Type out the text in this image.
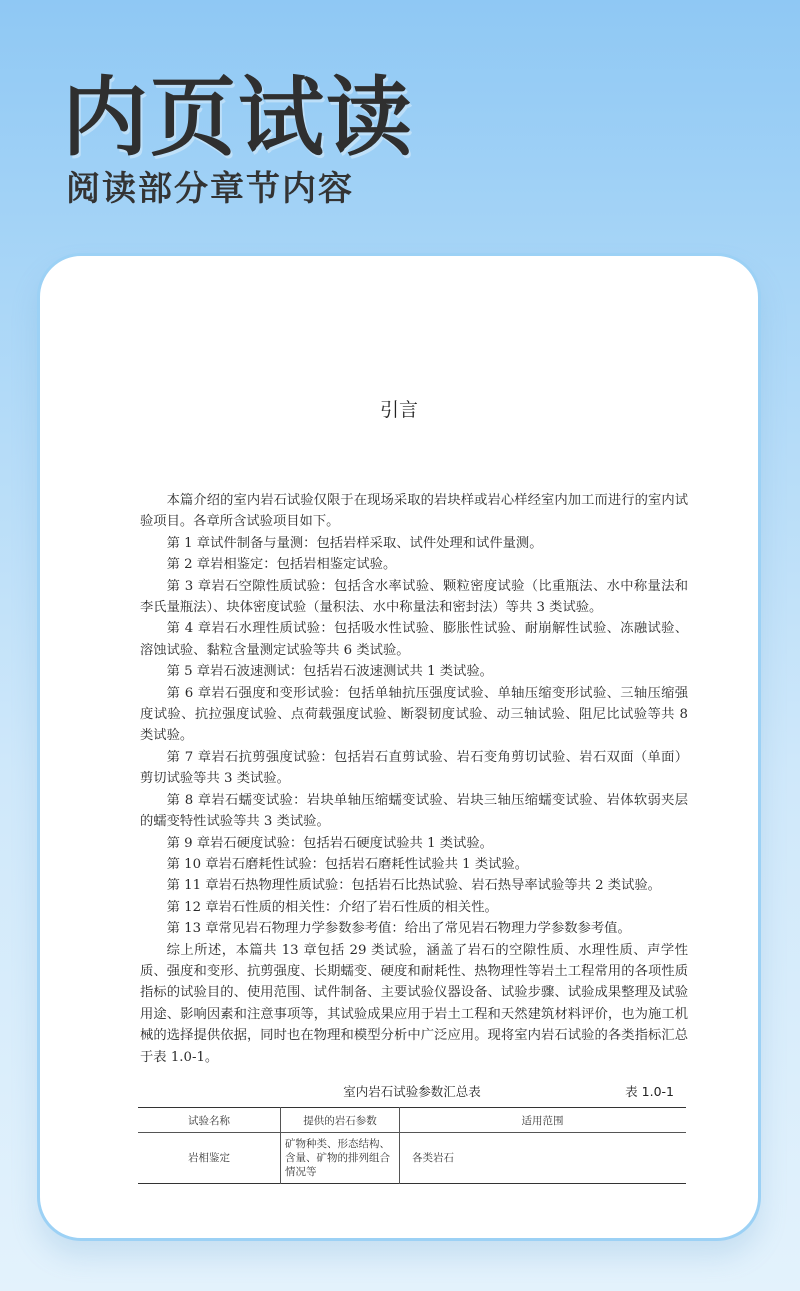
内页试读
阅读部分章节内容
引言

本篇介绍的室内岩石试验仅限于在现场采取的岩块样或岩心样经室内加工而进行的室内试验项目。各章所含试验项目如下。

第 1 章试件制备与量测：包括岩样采取、试件处理和试件量测。

第 2 章岩相鉴定：包括岩相鉴定试验。

第 3 章岩石空隙性质试验：包括含水率试验、颗粒密度试验（比重瓶法、水中称量法和李氏量瓶法）、块体密度试验（量积法、水中称量法和密封法）等共 3 类试验。

第 4 章岩石水理性质试验：包括吸水性试验、膨胀性试验、耐崩解性试验、冻融试验、溶蚀试验、黏粒含量测定试验等共 6 类试验。

第 5 章岩石波速测试：包括岩石波速测试共 1 类试验。

第 6 章岩石强度和变形试验：包括单轴抗压强度试验、单轴压缩变形试验、三轴压缩强度试验、抗拉强度试验、点荷载强度试验、断裂韧度试验、动三轴试验、阻尼比试验等共 8 类试验。

第 7 章岩石抗剪强度试验：包括岩石直剪试验、岩石变角剪切试验、岩石双面（单面）剪切试验等共 3 类试验。

第 8 章岩石蠕变试验：岩块单轴压缩蠕变试验、岩块三轴压缩蠕变试验、岩体软弱夹层的蠕变特性试验等共 3 类试验。

第 9 章岩石硬度试验：包括岩石硬度试验共 1 类试验。

第 10 章岩石磨耗性试验：包括岩石磨耗性试验共 1 类试验。

第 11 章岩石热物理性质试验：包括岩石比热试验、岩石热导率试验等共 2 类试验。

第 12 章岩石性质的相关性：介绍了岩石性质的相关性。

第 13 章常见岩石物理力学参数参考值：给出了常见岩石物理力学参数参考值。

综上所述，本篇共 13 章包括 29 类试验，涵盖了岩石的空隙性质、水理性质、声学性质、强度和变形、抗剪强度、长期蠕变、硬度和耐耗性、热物理性等岩土工程常用的各项性质指标的试验目的、使用范围、试件制备、主要试验仪器设备、试验步骤、试验成果整理及试验用途、影响因素和注意事项等，其试验成果应用于岩土工程和天然建筑材料评价，也为施工机械的选择提供依据，同时也在物理和模型分析中广泛应用。现将室内岩石试验的各类指标汇总于表 1.0-1。

室内岩石试验参数汇总表	表 1.0-1
试验名称	提供的岩石参数	适用范围
岩相鉴定	矿物种类、形态结构、含量、矿物的排列组合情况等	各类岩石
